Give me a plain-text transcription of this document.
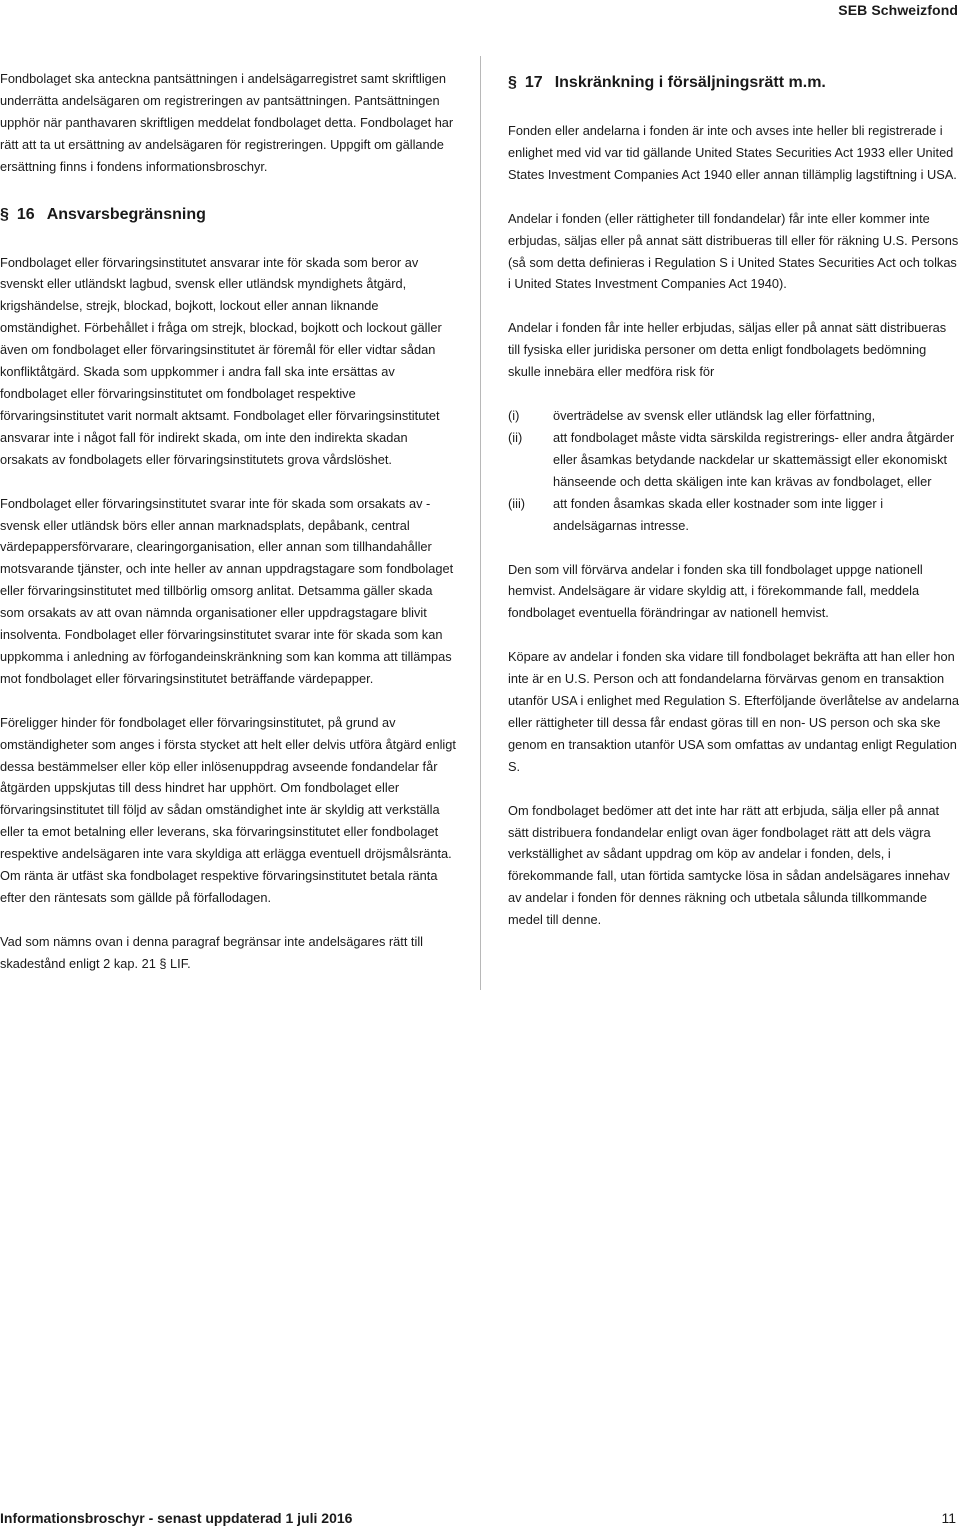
SEB Schweizfond

Fondbolaget ska anteckna pantsättningen i andelsägarregistret samt skriftligen underrätta andelsägaren om registreringen av pantsättningen. Pantsättningen upphör när panthavaren skriftligen meddelat fondbolaget detta. Fondbolaget har rätt att ta ut ersättning av andelsägaren för registreringen. Uppgift om gällande ersättning finns i fondens informationsbroschyr.

§ 16 Ansvarsbegränsning

Fondbolaget eller förvaringsinstitutet ansvarar inte för skada som beror av svenskt eller utländskt lagbud, svensk eller utländsk myndighets åtgärd, krigshändelse, strejk, blockad, bojkott, lockout eller annan liknande omständighet. Förbehållet i fråga om strejk, blockad, bojkott och lockout gäller även om fondbolaget eller förvaringsinstitutet är föremål för eller vidtar sådan konfliktåtgärd. Skada som uppkommer i andra fall ska inte ersättas av fondbolaget eller förvaringsinstitutet om fondbolaget respektive förvaringsinstitutet varit normalt aktsamt. Fondbolaget eller förvaringsinstitutet ansvarar inte i något fall för indirekt skada, om inte den indirekta skadan orsakats av fondbolagets eller förvaringsinstitutets grova vårdslöshet.

Fondbolaget eller förvaringsinstitutet svarar inte för skada som orsakats av - svensk eller utländsk börs eller annan marknadsplats, depåbank, central värdepappersförvarare, clearingorganisation, eller annan som tillhandahåller motsvarande tjänster, och inte heller av annan uppdragstagare som fondbolaget eller förvaringsinstitutet med tillbörlig omsorg anlitat. Detsamma gäller skada som orsakats av att ovan nämnda organisationer eller uppdragstagare blivit insolventa. Fondbolaget eller förvaringsinstitutet svarar inte för skada som kan uppkomma i anledning av förfogandeinskränkning som kan komma att tillämpas mot fondbolaget eller förvaringsinstitutet beträffande värdepapper.

Föreligger hinder för fondbolaget eller förvaringsinstitutet, på grund av omständigheter som anges i första stycket att helt eller delvis utföra åtgärd enligt dessa bestämmelser eller köp eller inlösenuppdrag avseende fondandelar får åtgärden uppskjutas till dess hindret har upphört. Om fondbolaget eller förvaringsinstitutet till följd av sådan omständighet inte är skyldig att verkställa eller ta emot betalning eller leverans, ska förvaringsinstitutet eller fondbolaget respektive andelsägaren inte vara skyldiga att erlägga eventuell dröjsmålsränta. Om ränta är utfäst ska fondbolaget respektive förvaringsinstitutet betala ränta efter den räntesats som gällde på förfallodagen.

Vad som nämns ovan i denna paragraf begränsar inte andelsägares rätt till skadestånd enligt 2 kap. 21 § LIF.

§ 17 Inskränkning i försäljningsrätt m.m.

Fonden eller andelarna i fonden är inte och avses inte heller bli registrerade i enlighet med vid var tid gällande United States Securities Act 1933 eller United States Investment Companies Act 1940 eller annan tillämplig lagstiftning i USA.

Andelar i fonden (eller rättigheter till fondandelar) får inte eller kommer inte erbjudas, säljas eller på annat sätt distribueras till eller för räkning U.S. Persons (så som detta definieras i Regulation S i United States Securities Act och tolkas i United States Investment Companies Act 1940).

Andelar i fonden får inte heller erbjudas, säljas eller på annat sätt distribueras till fysiska eller juridiska personer om detta enligt fondbolagets bedömning skulle innebära eller medföra risk för

(i)	överträdelse av svensk eller utländsk lag eller författning,
(ii)	att fondbolaget måste vidta särskilda registrerings- eller andra åtgärder eller åsamkas betydande nackdelar ur skattemässigt eller ekonomiskt hänseende och detta skäligen inte kan krävas av fondbolaget, eller
(iii)	att fonden åsamkas skada eller kostnader som inte ligger i andelsägarnas intresse.

Den som vill förvärva andelar i fonden ska till fondbolaget uppge nationell hemvist. Andelsägare är vidare skyldig att, i förekommande fall, meddela fondbolaget eventuella förändringar av nationell hemvist.

Köpare av andelar i fonden ska vidare till fondbolaget bekräfta att han eller hon inte är en U.S. Person och att fondandelarna förvärvas genom en transaktion utanför USA i enlighet med Regulation S. Efterföljande överlåtelse av andelarna eller rättigheter till dessa får endast göras till en non- US person och ska ske genom en transaktion utanför USA som omfattas av undantag enligt Regulation S.

Om fondbolaget bedömer att det inte har rätt att erbjuda, sälja eller på annat sätt distribuera fondandelar enligt ovan äger fondbolaget rätt att dels vägra verkställighet av sådant uppdrag om köp av andelar i fonden, dels, i förekommande fall, utan förtida samtycke lösa in sådan andelsägares innehav av andelar i fonden för dennes räkning och utbetala sålunda tillkommande medel till denne.

Informationsbroschyr - senast uppdaterad 1 juli 2016	11
